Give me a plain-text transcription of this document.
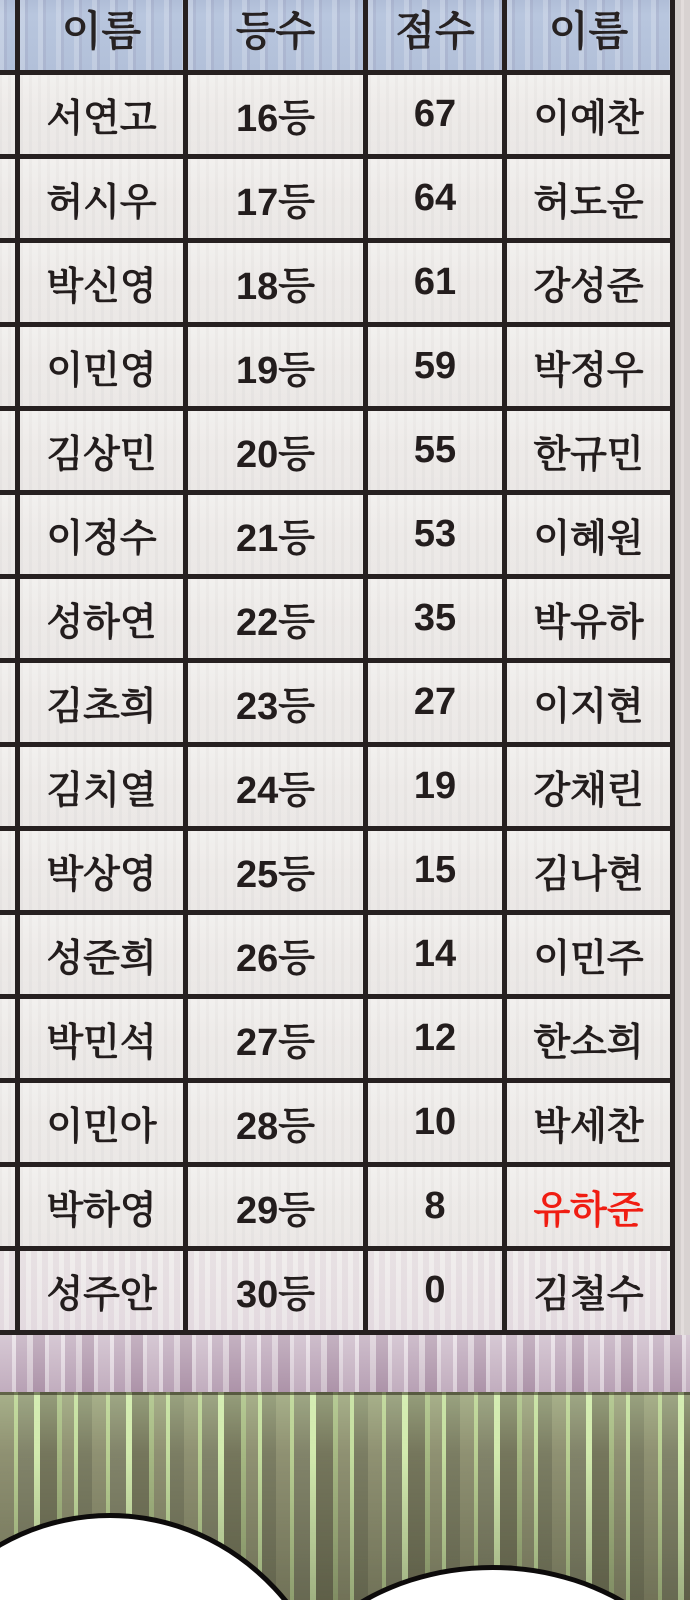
이름	등수	점수	이름
서연고	16등	67	이예찬
허시우	17등	64	허도운
박신영	18등	61	강성준
이민영	19등	59	박정우
김상민	20등	55	한규민
이정수	21등	53	이혜원
성하연	22등	35	박유하
김초희	23등	27	이지현
김치열	24등	19	강채린
박상영	25등	15	김나현
성준희	26등	14	이민주
박민석	27등	12	한소희
이민아	28등	10	박세찬
박하영	29등	8	유하준
성주안	30등	0	김철수
